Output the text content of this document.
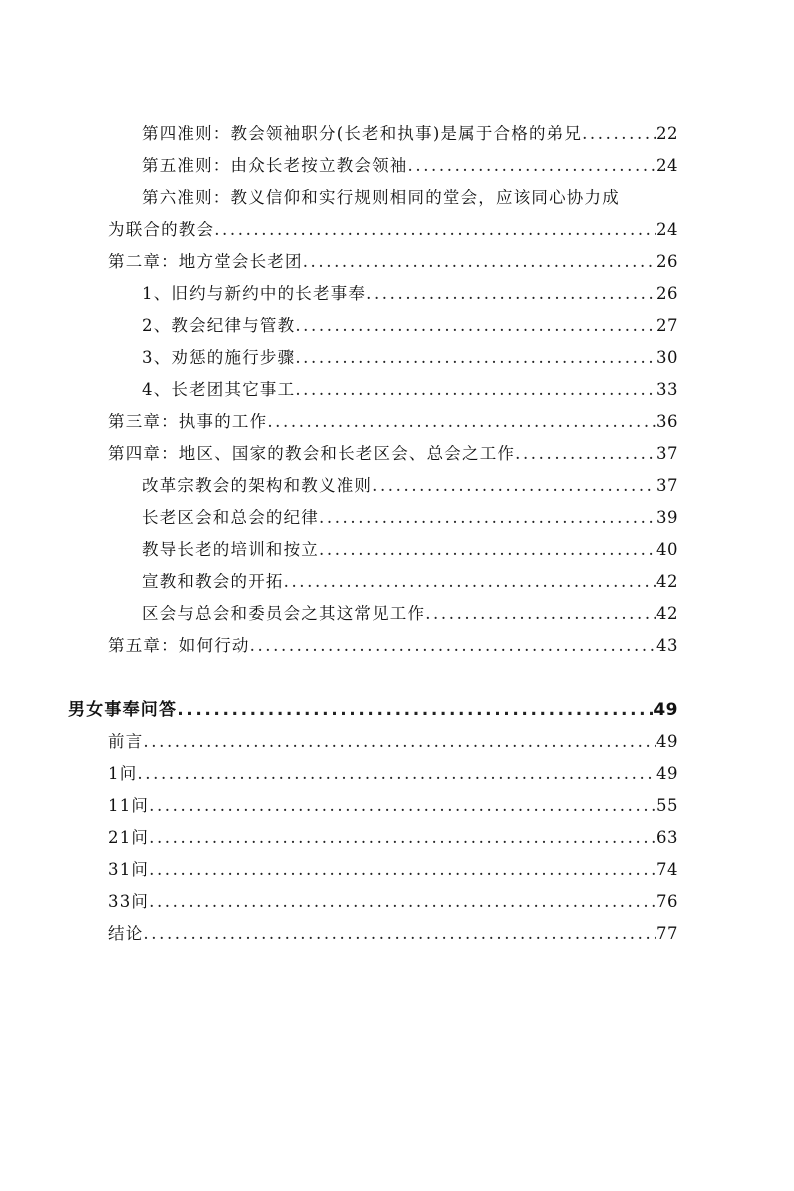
第四准则：教会领袖职分(长老和执事)是属于合格的弟兄 .....	22
第五准则：由众长老按立教会领袖 .....	24
第六准则：教义信仰和实行规则相同的堂会，应该同心协力成
为联合的教会 .....	24
第二章：地方堂会长老团 .....	26
1、旧约与新约中的长老事奉 .....	26
2、教会纪律与管教 .....	27
3、劝惩的施行步骤 .....	30
4、长老团其它事工 .....	33
第三章：执事的工作 .....	36
第四章：地区、国家的教会和长老区会、总会之工作 .....	37
改革宗教会的架构和教义准则 .....	37
长老区会和总会的纪律 .....	39
教导长老的培训和按立 .....	40
宣教和教会的开拓 .....	42
区会与总会和委员会之其这常见工作 .....	42
第五章：如何行动 .....	43
男女事奉问答 .....	49
前言 .....	49
1问 .....	49
11问 .....	55
21问 .....	63
31问 .....	74
33问 .....	76
结论 .....	77
